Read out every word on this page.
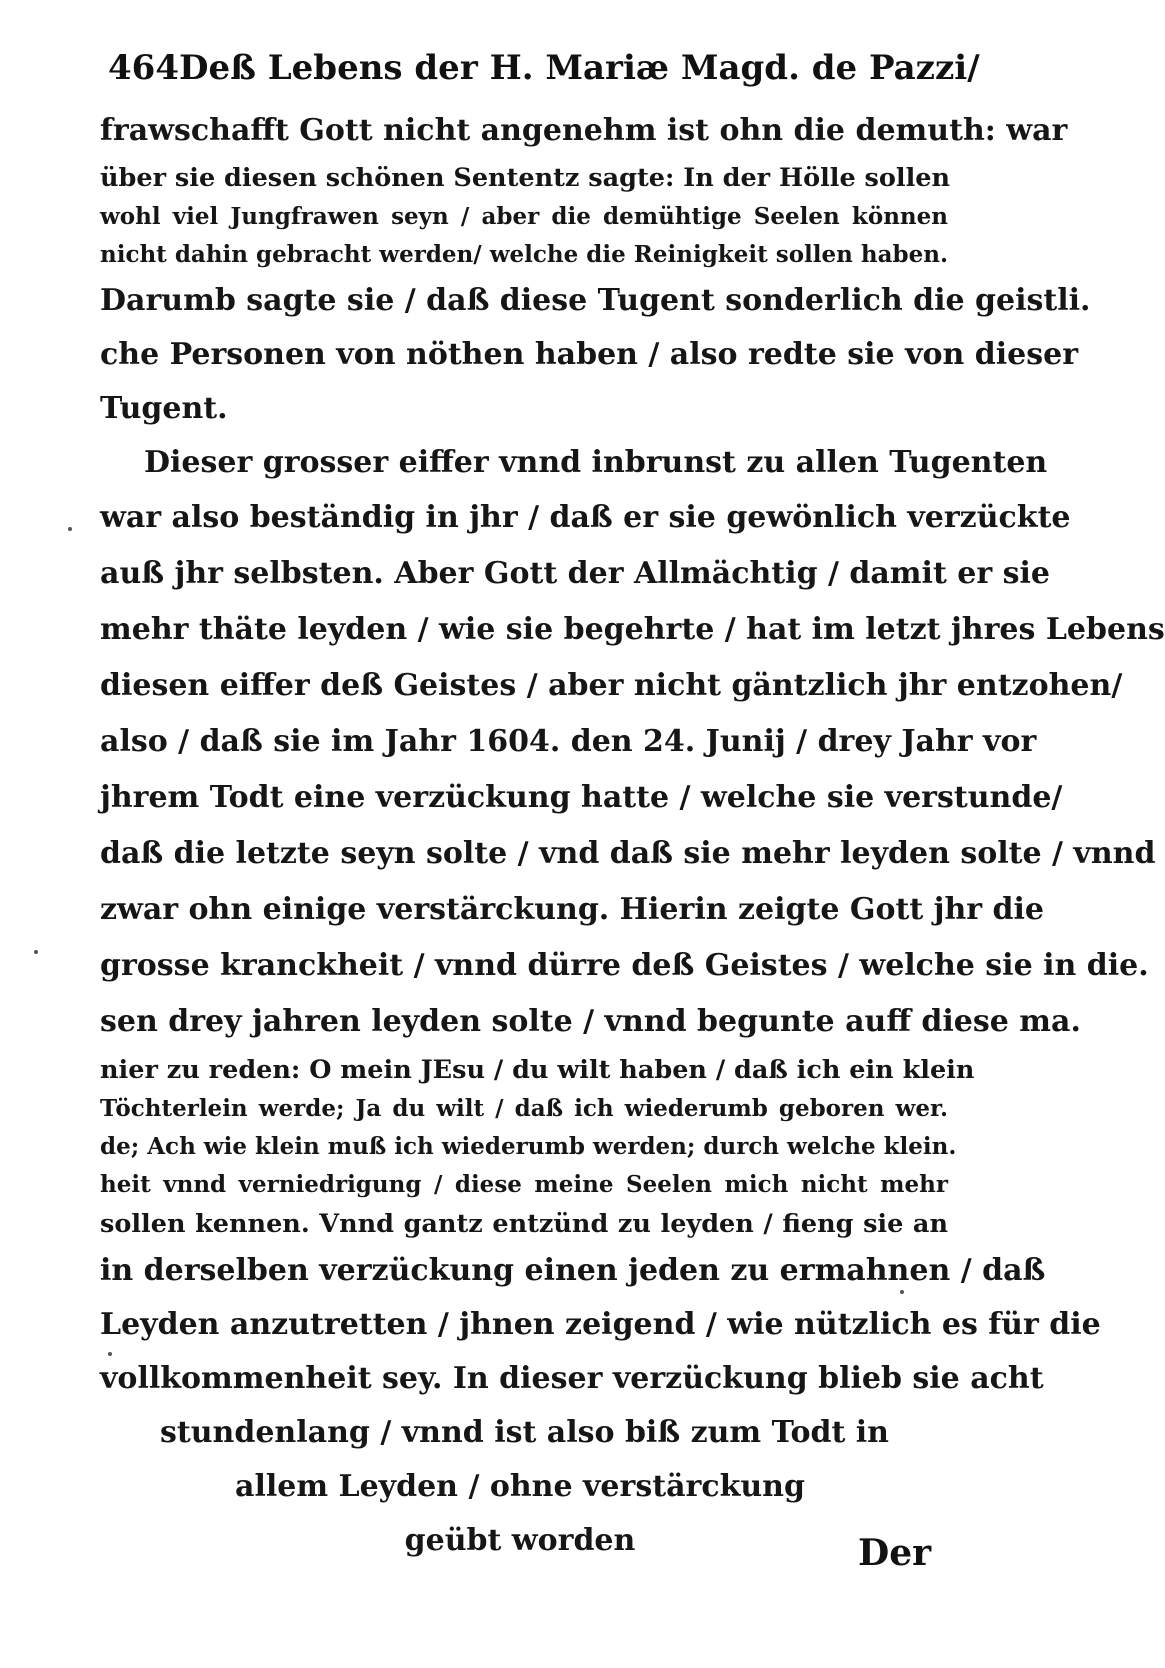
464 Deß Lebens der H. Mariæ Magd. de Pazzi/
frawschafft Gott nicht angenehm ist ohn die demuth: war
über sie diesen schönen Sententz sagte: In der Hölle sollen
wohl viel Jungfrawen seyn / aber die demühtige Seelen können
nicht dahin gebracht werden/ welche die Reinigkeit sollen haben.
Darumb sagte sie / daß diese Tugent sonderlich die geistli.
che Personen von nöthen haben / also redte sie von dieser
Tugent.
Dieser grosser eiffer vnnd inbrunst zu allen Tugenten
war also beständig in jhr / daß er sie gewönlich verzückte
auß jhr selbsten. Aber Gott der Allmächtig / damit er sie
mehr thäte leyden / wie sie begehrte / hat im letzt jhres Lebens
diesen eiffer deß Geistes / aber nicht gäntzlich jhr entzohen/
also / daß sie im Jahr 1604. den 24. Junij / drey Jahr vor
jhrem Todt eine verzückung hatte / welche sie verstunde/
daß die letzte seyn solte / vnd daß sie mehr leyden solte / vnnd
zwar ohn einige verstärckung. Hierin zeigte Gott jhr die
grosse kranckheit / vnnd dürre deß Geistes / welche sie in die.
sen drey jahren leyden solte / vnnd begunte auff diese ma.
nier zu reden: O mein JEsu / du wilt haben / daß ich ein klein
Töchterlein werde; Ja du wilt / daß ich wiederumb geboren wer.
de; Ach wie klein muß ich wiederumb werden; durch welche klein.
heit vnnd verniedrigung / diese meine Seelen mich nicht mehr
sollen kennen. Vnnd gantz entzünd zu leyden / fieng sie an
in derselben verzückung einen jeden zu ermahnen / daß
Leyden anzutretten / jhnen zeigend / wie nützlich es für die
vollkommenheit sey. In dieser verzückung blieb sie acht
stundenlang / vnnd ist also biß zum Todt in
allem Leyden / ohne verstärckung
geübt worden	Der
